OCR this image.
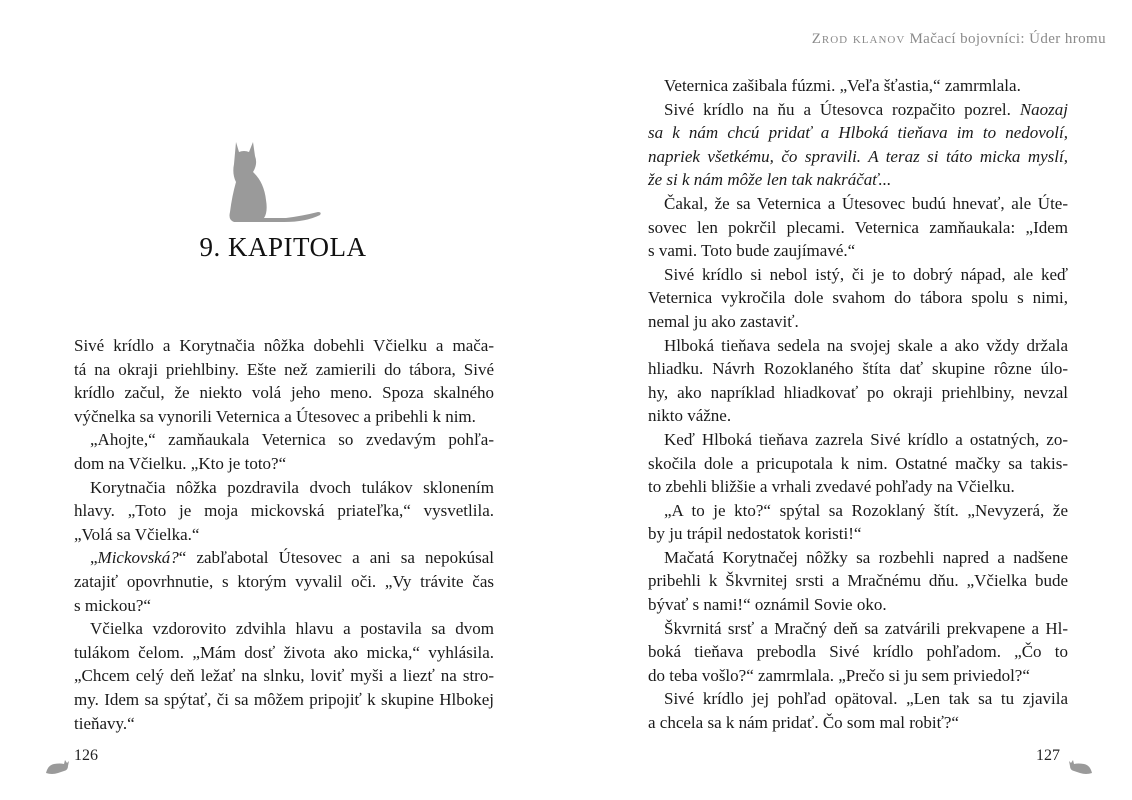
9. KAPITOLA
Sivé krídlo a Korytnačia nôžka dobehli Včielku a mača-
tá na okraji priehlbiny. Ešte než zamierili do tábora, Sivé
krídlo začul, že niekto volá jeho meno. Spoza skalného
výčnelka sa vynorili Veternica a Útesovec a pribehli k nim.
„Ahojte,“ zamňaukala Veternica so zvedavým pohľa-
dom na Včielku. „Kto je toto?“
Korytnačia nôžka pozdravila dvoch tulákov sklonením
hlavy. „Toto je moja mickovská priateľka,“ vysvetlila.
„Volá sa Včielka.“
„Mickovská?“ zabľabotal Útesovec a ani sa nepokúsal
zatajiť opovrhnutie, s ktorým vyvalil oči. „Vy trávite čas
s mickou?“
Včielka vzdorovito zdvihla hlavu a postavila sa dvom
tulákom čelom. „Mám dosť života ako micka,“ vyhlásila.
„Chcem celý deň ležať na slnku, loviť myši a liezť na stro-
my. Idem sa spýtať, či sa môžem pripojiť k skupine Hlbokej
tieňavy.“
126
Zrod klanov Mačací bojovníci: Úder hromu
Veternica zašibala fúzmi. „Veľa šťastia,“ zamrmlala.
Sivé krídlo na ňu a Útesovca rozpačito pozrel. Naozaj
sa k nám chcú pridať a Hlboká tieňava im to nedovolí,
napriek všetkému, čo spravili. A teraz si táto micka myslí,
že si k nám môže len tak nakráčať...
Čakal, že sa Veternica a Útesovec budú hnevať, ale Úte-
sovec len pokrčil plecami. Veternica zamňaukala: „Idem
s vami. Toto bude zaujímavé.“
Sivé krídlo si nebol istý, či je to dobrý nápad, ale keď
Veternica vykročila dole svahom do tábora spolu s nimi,
nemal ju ako zastaviť.
Hlboká tieňava sedela na svojej skale a ako vždy držala
hliadku. Návrh Rozoklaného štíta dať skupine rôzne úlo-
hy, ako napríklad hliadkovať po okraji priehlbiny, nevzal
nikto vážne.
Keď Hlboká tieňava zazrela Sivé krídlo a ostatných, zo-
skočila dole a pricupotala k nim. Ostatné mačky sa takis-
to zbehli bližšie a vrhali zvedavé pohľady na Včielku.
„A to je kto?“ spýtal sa Rozoklaný štít. „Nevyzerá, že
by ju trápil nedostatok koristi!“
Mačatá Korytnačej nôžky sa rozbehli napred a nadšene
pribehli k Škvrnitej srsti a Mračnému dňu. „Včielka bude
bývať s nami!“ oznámil Sovie oko.
Škvrnitá srsť a Mračný deň sa zatvárili prekvapene a Hl-
boká tieňava prebodla Sivé krídlo pohľadom. „Čo to
do teba vošlo?“ zamrmlala. „Prečo si ju sem priviedol?“
Sivé krídlo jej pohľad opätoval. „Len tak sa tu zjavila
a chcela sa k nám pridať. Čo som mal robiť?“
127
